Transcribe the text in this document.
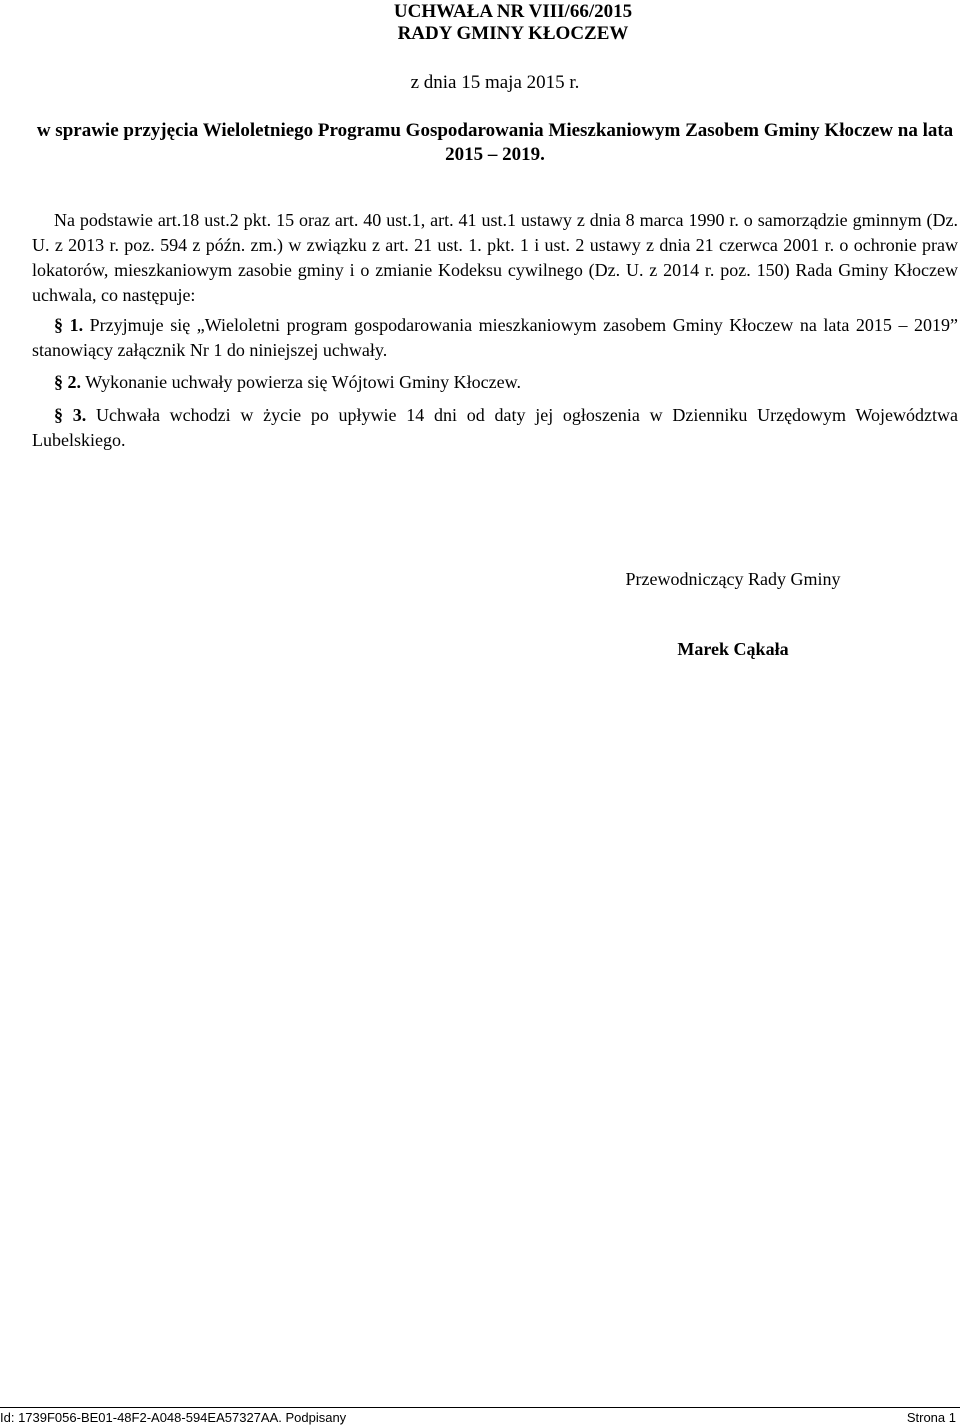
UCHWAŁA NR VIII/66/2015
RADY GMINY KŁOCZEW
z dnia 15 maja 2015 r.
w sprawie przyjęcia Wieloletniego Programu Gospodarowania Mieszkaniowym Zasobem Gminy Kłoczew na lata 2015 – 2019.
Na podstawie art.18 ust.2 pkt. 15 oraz art. 40 ust.1, art. 41 ust.1 ustawy z dnia 8 marca 1990 r. o samorządzie gminnym (Dz. U. z 2013 r. poz. 594 z późn. zm.) w związku z art. 21 ust. 1. pkt. 1 i ust. 2 ustawy z dnia 21 czerwca 2001 r. o ochronie praw lokatorów, mieszkaniowym zasobie gminy i o zmianie Kodeksu cywilnego (Dz. U. z 2014 r. poz. 150) Rada Gminy Kłoczew uchwala, co następuje:
§ 1. Przyjmuje się „Wieloletni program gospodarowania mieszkaniowym zasobem Gminy Kłoczew na lata 2015 – 2019” stanowiący załącznik Nr 1 do niniejszej uchwały.
§ 2. Wykonanie uchwały powierza się Wójtowi Gminy Kłoczew.
§ 3. Uchwała wchodzi w życie po upływie 14 dni od daty jej ogłoszenia w Dzienniku Urzędowym Województwa Lubelskiego.
Przewodniczący Rady Gminy
Marek Cąkała
Id: 1739F056-BE01-48F2-A048-594EA57327AA. Podpisany	Strona 1
